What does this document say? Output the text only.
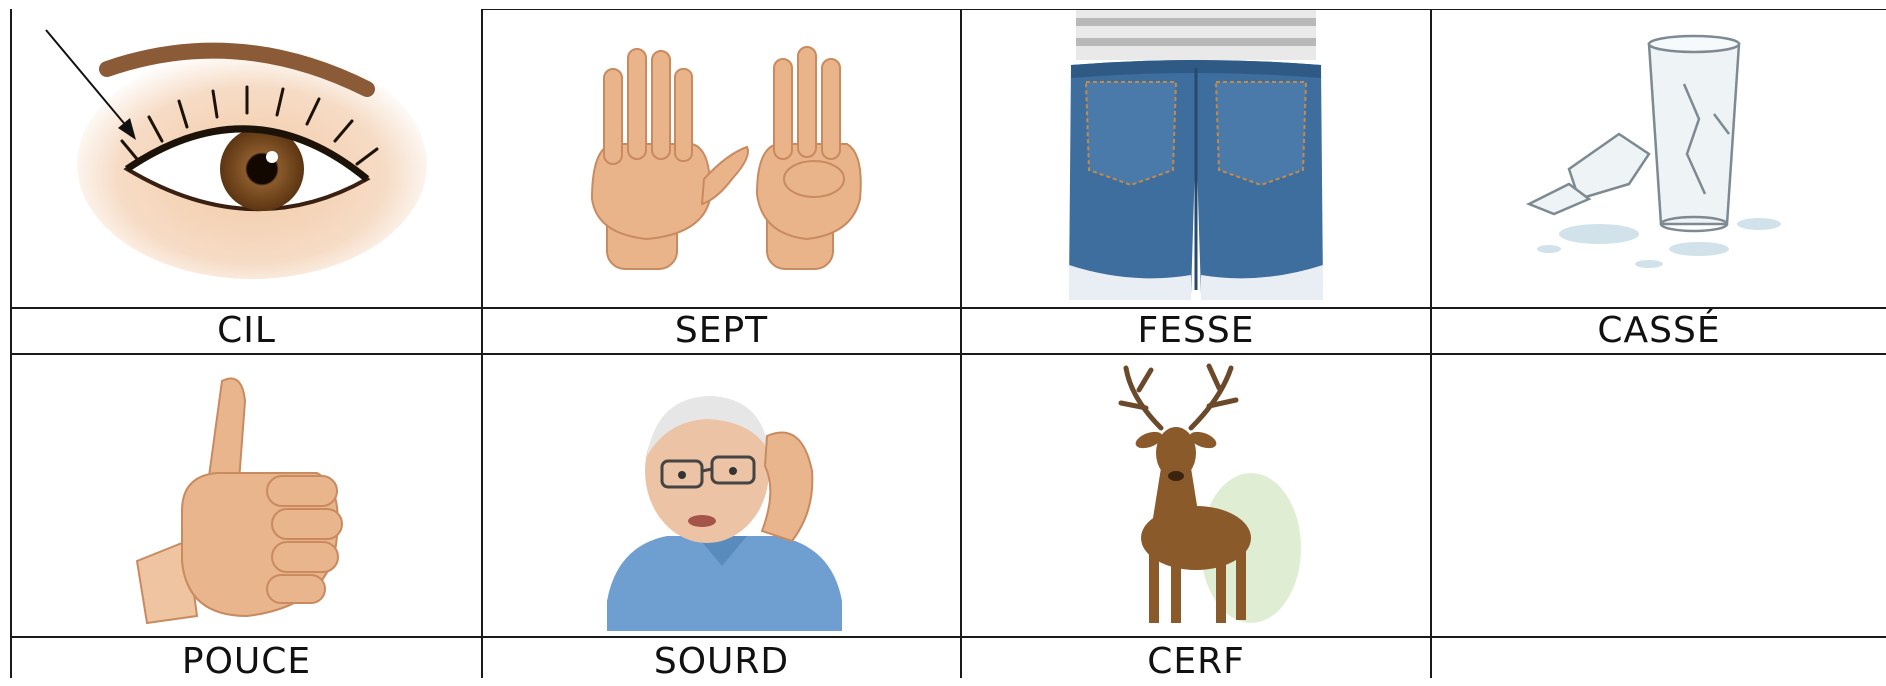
CIL	SEPT	FESSE	CASSÉ
POUCE	SOURD	CERF
